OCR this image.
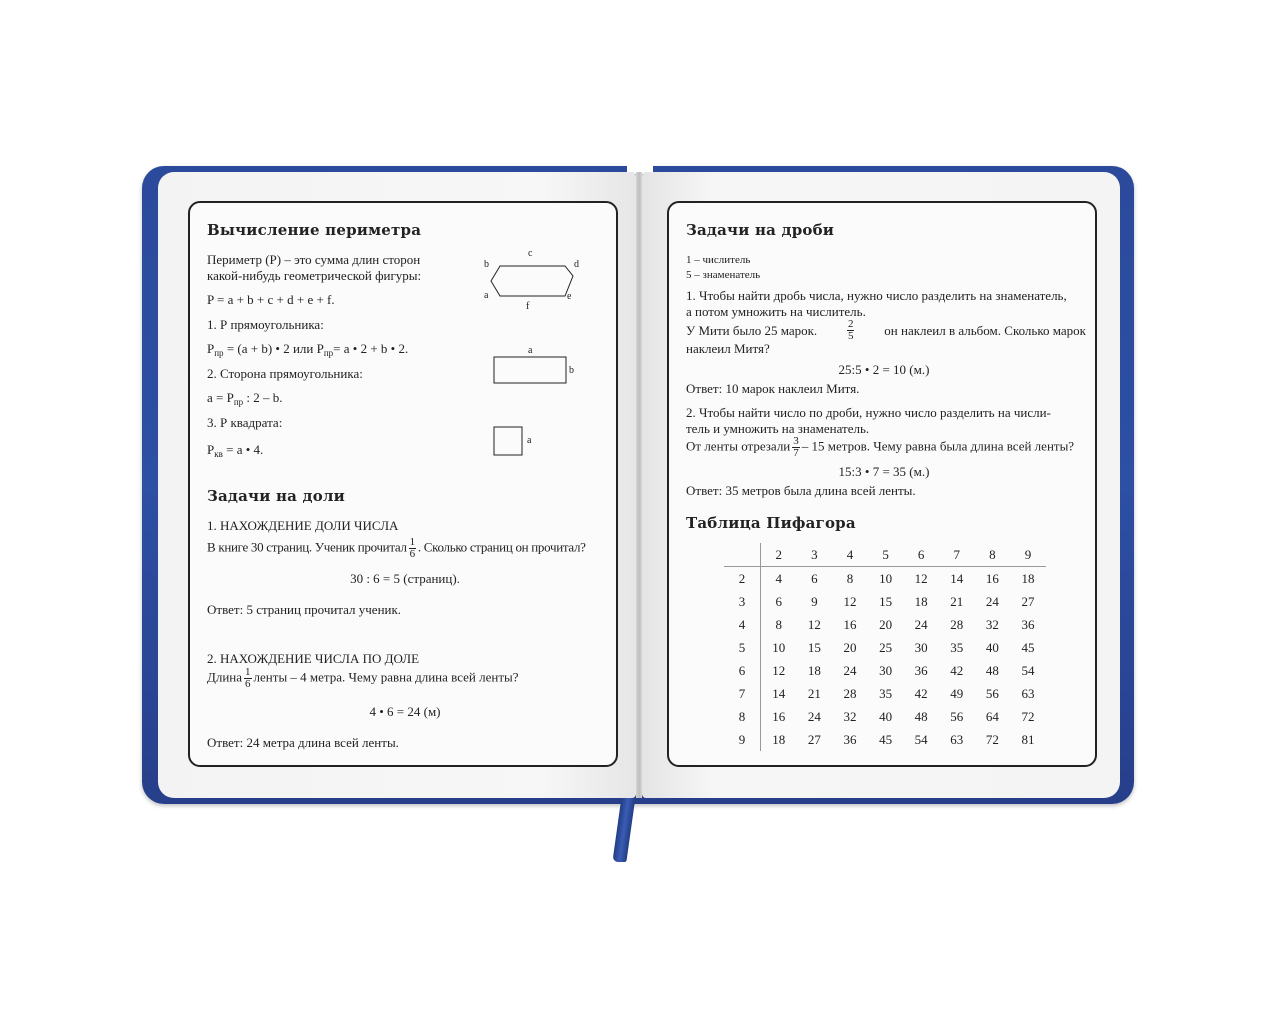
Вычисление периметра
Периметр (Р) – это сумма длин сторон
какой-нибудь геометрической фигуры:
P = a + b + c + d + e + f.
1. Р прямоугольника:
$P_{пр} = (a + b)$ • 2 или $P_{пр}= a$ • 2 + b • 2.
2. Сторона прямоугольника:
$a = P_{пр}$ : 2 – b.
3. Р квадрата:
$P_{кв} = a$ • 4.
c
b	d
a	e
f
a
b
a
Задачи на доли
1. НАХОЖДЕНИЕ ДОЛИ ЧИСЛА
В книге 30 страниц. Ученик прочитал $\frac{1}{6}$ . Сколько страниц он прочитал?
30 : 6 = 5 (страниц).
Ответ: 5 страниц прочитал ученик.
2. НАХОЖДЕНИЕ ЧИСЛА ПО ДОЛЕ
Длина $\frac{1}{6}$ ленты – 4 метра. Чему равна длина всей ленты?
4 • 6 = 24 (м)
Ответ: 24 метра длина всей ленты.
Задачи на дроби
1 – числитель
5 – знаменатель
1. Чтобы найти дробь числа, нужно число разделить на знаменатель,
а потом умножить на числитель.
У Мити было 25 марок.	$\frac{2}{5}$ он наклеил в альбом. Сколько марок
наклеил Митя?
25:5 • 2 = 10 (м.)
Ответ: 10 марок наклеил Митя.
2. Чтобы найти число по дроби, нужно число разделить на числи-
тель и умножить на знаменатель.
От ленты отрезали $\frac{3}{7} - 15$ метров. Чему равна была длина всей ленты?
15:3 • 7 = 35 (м.)
Ответ: 35 метров была длина всей ленты.
Таблица Пифагора
	2	3	4	5	6	7	8	9
2	4	6	8	10	12	14	16	18
3	6	9	12	15	18	21	24	27
4	8	12	16	20	24	28	32	36
5	10	15	20	25	30	35	40	45
6	12	18	24	30	36	42	48	54
7	14	21	28	35	42	49	56	63
8	16	24	32	40	48	56	64	72
9	18	27	36	45	54	63	72	81
